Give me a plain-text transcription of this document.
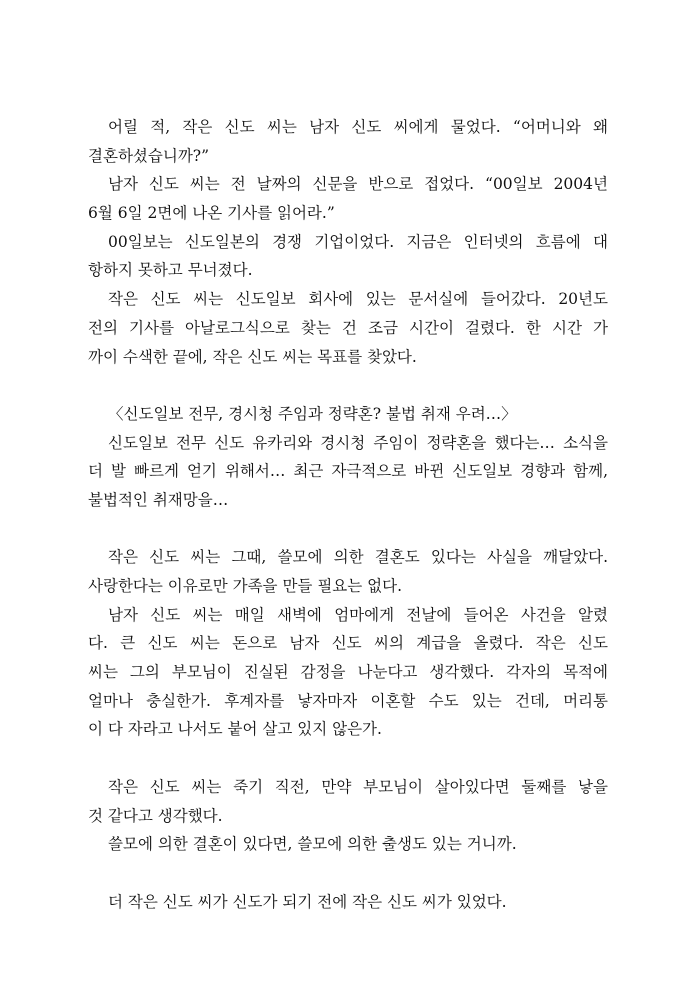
어릴 적, 작은 신도 씨는 남자 신도 씨에게 물었다. “어머니와 왜
결혼하셨습니까?”
남자 신도 씨는 전 날짜의 신문을 반으로 접었다. “00일보 2004년
6월 6일 2면에 나온 기사를 읽어라.”
00일보는 신도일본의 경쟁 기업이었다. 지금은 인터넷의 흐름에 대
항하지 못하고 무너졌다.
작은 신도 씨는 신도일보 회사에 있는 문서실에 들어갔다. 20년도
전의 기사를 아날로그식으로 찾는 건 조금 시간이 걸렸다. 한 시간 가
까이 수색한 끝에, 작은 신도 씨는 목표를 찾았다.
〈신도일보 전무, 경시청 주임과 정략혼? 불법 취재 우려…〉
신도일보 전무 신도 유카리와 경시청 주임이 정략혼을 했다는… 소식을
더 발 빠르게 얻기 위해서… 최근 자극적으로 바뀐 신도일보 경향과 함께,
불법적인 취재망을…
작은 신도 씨는 그때, 쓸모에 의한 결혼도 있다는 사실을 깨달았다.
사랑한다는 이유로만 가족을 만들 필요는 없다.
남자 신도 씨는 매일 새벽에 엄마에게 전날에 들어온 사건을 알렸
다. 큰 신도 씨는 돈으로 남자 신도 씨의 계급을 올렸다. 작은 신도
씨는 그의 부모님이 진실된 감정을 나눈다고 생각했다. 각자의 목적에
얼마나 충실한가. 후계자를 낳자마자 이혼할 수도 있는 건데, 머리통
이 다 자라고 나서도 붙어 살고 있지 않은가.
작은 신도 씨는 죽기 직전, 만약 부모님이 살아있다면 둘째를 낳을
것 같다고 생각했다.
쓸모에 의한 결혼이 있다면, 쓸모에 의한 출생도 있는 거니까.
더 작은 신도 씨가 신도가 되기 전에 작은 신도 씨가 있었다.
